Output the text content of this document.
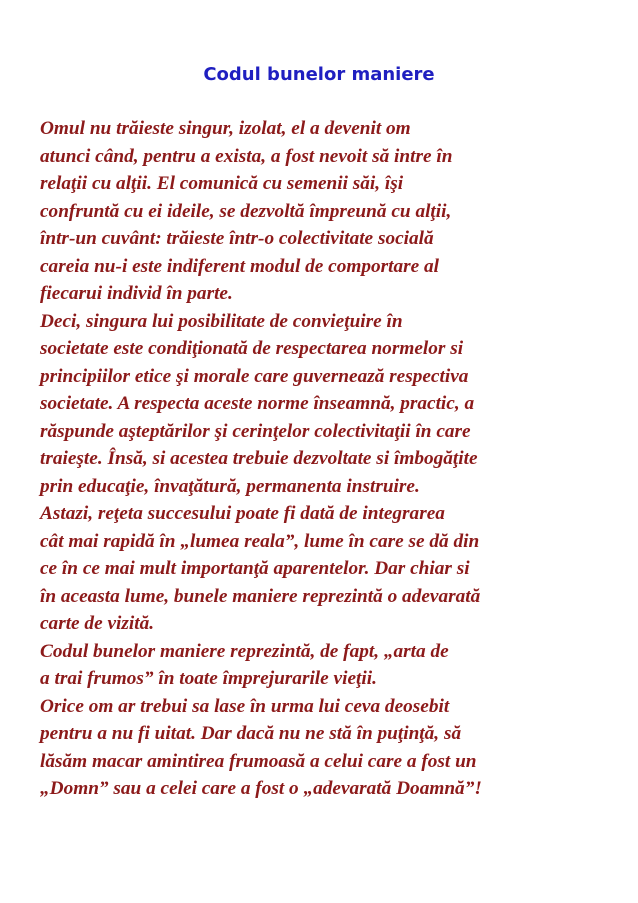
Codul bunelor maniere
Omul nu trăieste singur, izolat, el a devenit om
atunci când, pentru a exista, a fost nevoit să intre în
relaţii cu alţii. El comunică cu semenii săi, îşi
confruntă cu ei ideile, se dezvoltă împreună cu alţii,
într-un cuvânt: trăieste într-o colectivitate socială
careia nu-i este indiferent modul de comportare al
fiecarui individ în parte.
Deci, singura lui posibilitate de convieţuire în
societate este condiţionată de respectarea normelor si
principiilor etice şi morale care guvernează respectiva
societate. A respecta aceste norme înseamnă, practic, a
răspunde aşteptărilor şi cerinţelor colectivitaţii în care
traieşte. Însă, si acestea trebuie dezvoltate si îmbogăţite
prin educaţie, învaţătură, permanenta instruire.
Astazi, reţeta succesului poate fi dată de integrarea
cât mai rapidă în „lumea reala”, lume în care se dă din
ce în ce mai mult importanţă aparentelor. Dar chiar si
în aceasta lume, bunele maniere reprezintă o adevarată
carte de vizită.
Codul bunelor maniere reprezintă, de fapt, „arta de
a trai frumos” în toate împrejurarile vieţii.
Orice om ar trebui sa lase în urma lui ceva deosebit
pentru a nu fi uitat. Dar dacă nu ne stă în puţinţă, să
lăsăm macar amintirea frumoasă a celui care a fost un
„Domn” sau a celei care a fost o „adevarată Doamnă”!
